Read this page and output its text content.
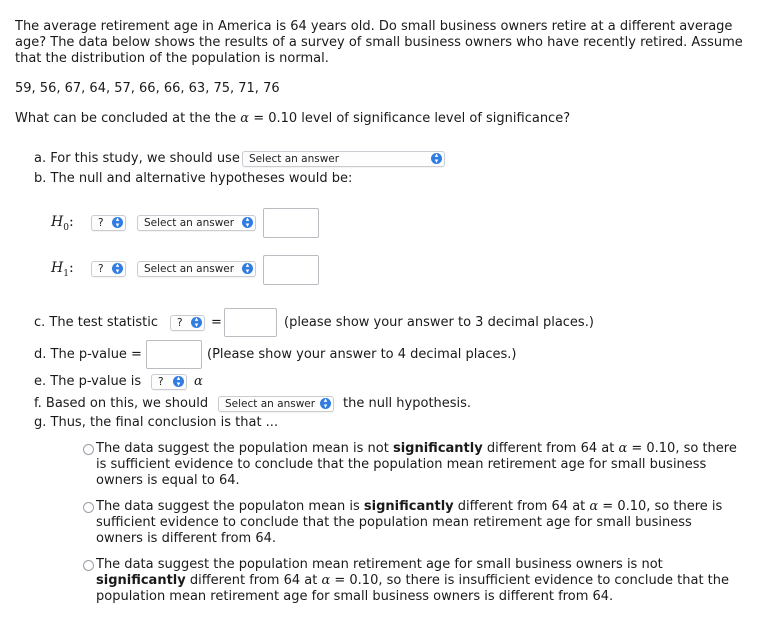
The average retirement age in America is 64 years old. Do small business owners retire at a different average
age? The data below shows the results of a survey of small business owners who have recently retired. Assume
that the distribution of the population is normal.
59, 56, 67, 64, 57, 66, 66, 63, 75, 71, 76
What can be concluded at the the α = 0.10 level of significance level of significance?
a. For this study, we should use Select an answer
▴ ▾
b. The null and alternative hypotheses would be:
$H_0$:	? ▴ ▾	Select an answer
▴ ▾
$H_1$:	? ▴ ▾	Select an answer
▴ ▾
c. The test statistic	? ▴ ▾	=	(please show your answer to 3 decimal places.)
d. The p-value =	(Please show your answer to 4 decimal places.)
e. The p-value is	? ▴ ▾	α
f. Based on this, we should	Select an answer ▴ ▾	the null hypothesis.
g. Thus, the final conclusion is that ...
The data suggest the population mean is not significantly different from 64 at α = 0.10, so there
is sufficient evidence to conclude that the population mean retirement age for small business
owners is equal to 64.
The data suggest the populaton mean is significantly different from 64 at α = 0.10, so there is
sufficient evidence to conclude that the population mean retirement age for small business
owners is different from 64.
The data suggest the population mean retirement age for small business owners is not
significantly different from 64 at α = 0.10, so there is insufficient evidence to conclude that the
population mean retirement age for small business owners is different from 64.
